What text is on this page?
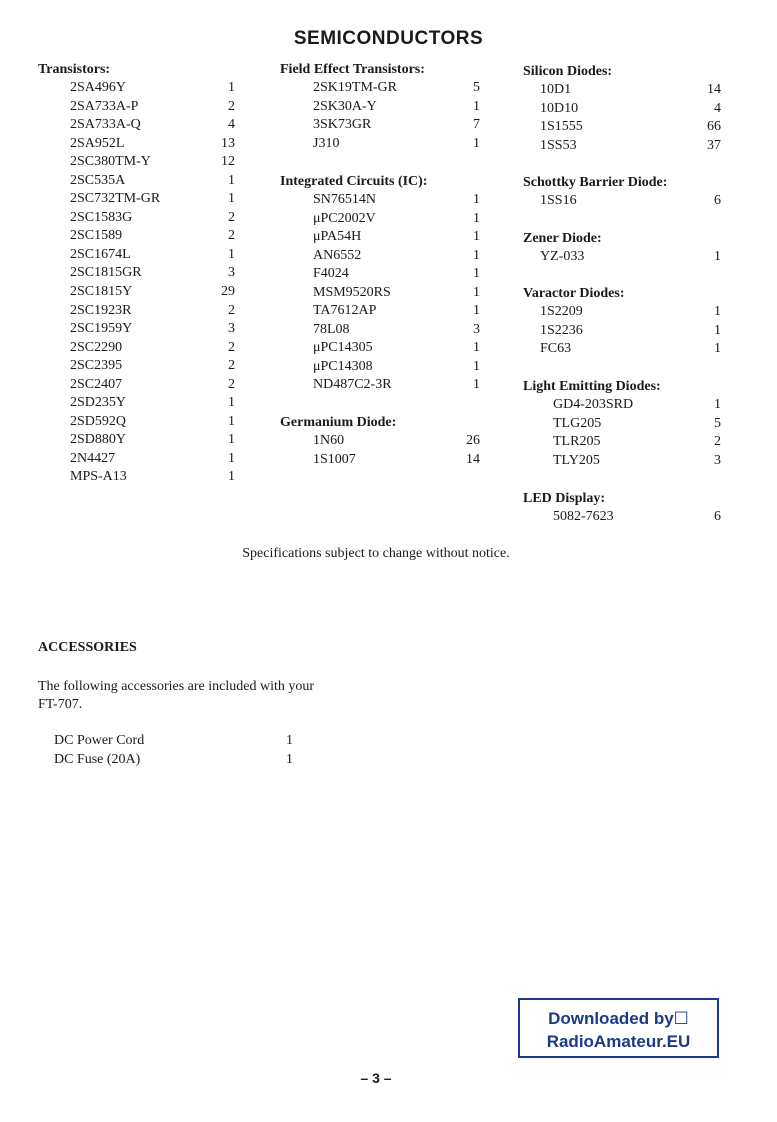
SEMICONDUCTORS
Transistors:
2SA496Y	1
2SA733A-P	2
2SA733A-Q	4
2SA952L	13
2SC380TM-Y	12
2SC535A	1
2SC732TM-GR	1
2SC1583G	2
2SC1589	2
2SC1674L	1
2SC1815GR	3
2SC1815Y	29
2SC1923R	2
2SC1959Y	3
2SC2290	2
2SC2395	2
2SC2407	2
2SD235Y	1
2SD592Q	1
2SD880Y	1
2N4427	1
MPS-A13	1
Field Effect Transistors:
2SK19TM-GR	5
2SK30A-Y	1
3SK73GR	7
J310	1
Integrated Circuits (IC):
SN76514N	1
μPC2002V	1
μPA54H	1
AN6552	1
F4024	1
MSM9520RS	1
TA7612AP	1
78L08	3
μPC14305	1
μPC14308	1
ND487C2-3R	1
Germanium Diode:
1N60	26
1S1007	14
Silicon Diodes:
10D1	14
10D10	4
1S1555	66
1SS53	37
Schottky Barrier Diode:
1SS16	6
Zener Diode:
YZ-033	1
Varactor Diodes:
1S2209	1
1S2236	1
FC63	1
Light Emitting Diodes:
GD4-203SRD	1
TLG205	5
TLR205	2
TLY205	3
LED Display:
5082-7623	6
Specifications subject to change without notice.
ACCESSORIES
The following accessories are included with your
FT-707.
DC Power Cord	1
DC Fuse (20A)	1
Downloaded by☐
RadioAmateur.EU
– 3 –
